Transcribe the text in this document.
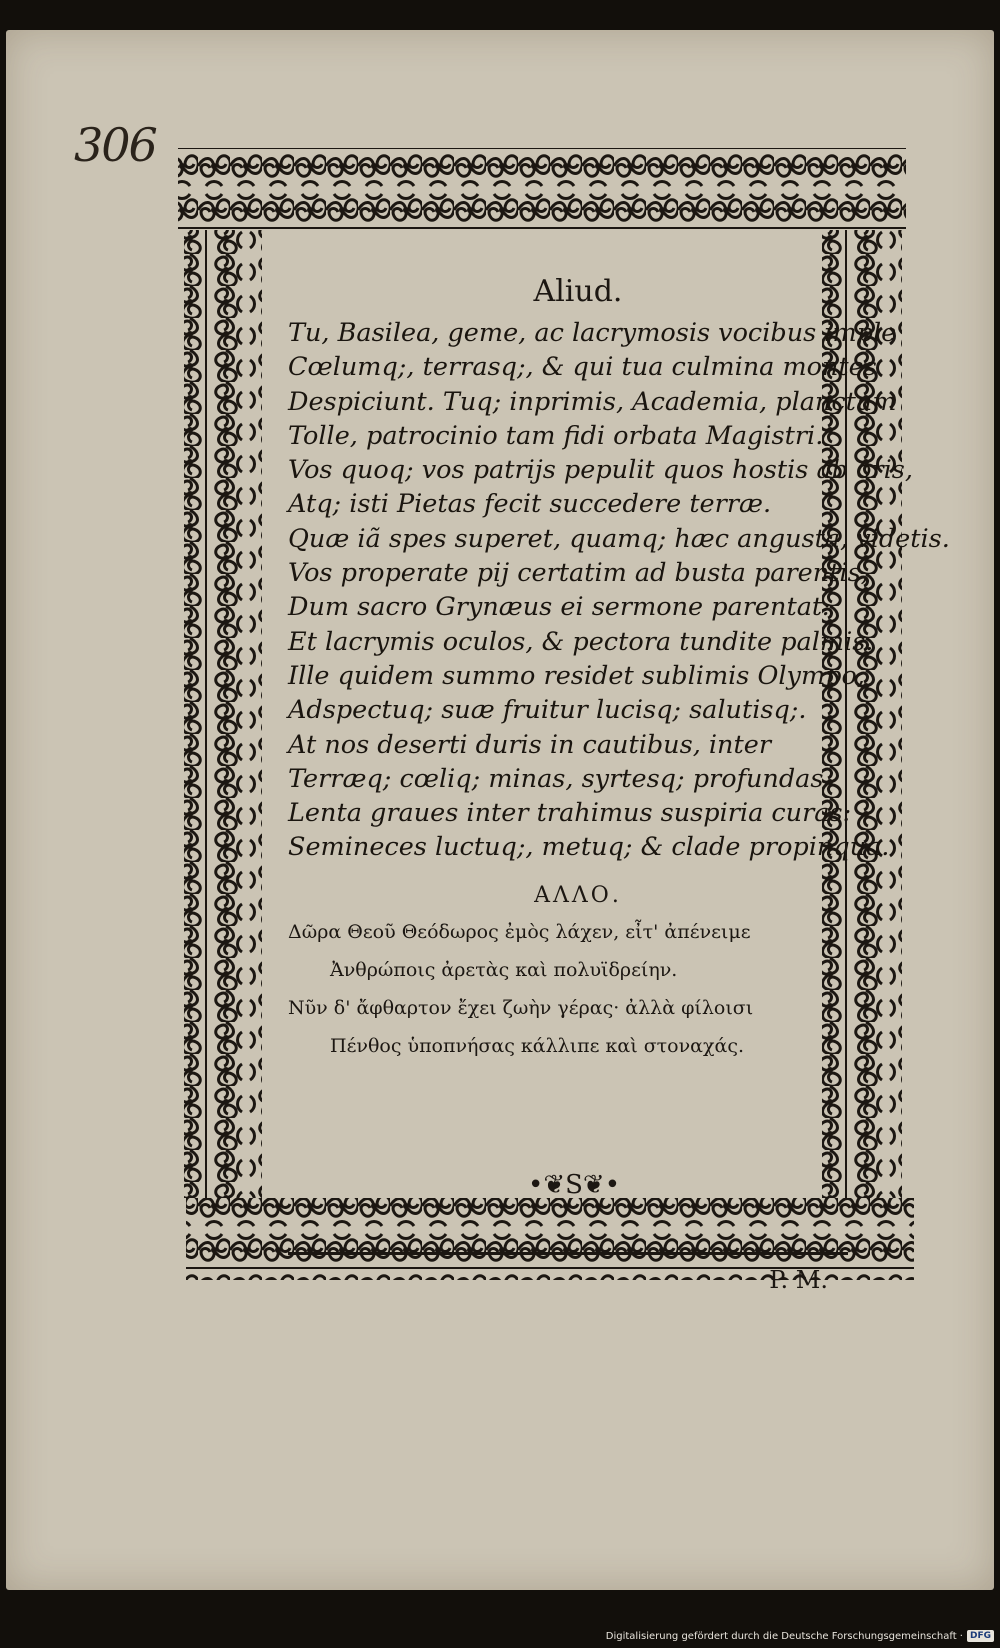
306
Aliud.
Tu, Basilea, geme, ac lacrymosis vocibus imple
Cœlumq;, terrasq;, & qui tua culmina montes
Despiciunt. Tuq; inprimis, Academia, planctum
Tolle, patrocinio tam fidi orbata Magistri.
Vos quoq; vos patrijs pepulit quos hostis ab oris,
Atq; isti Pietas fecit succedere terræ.
Quæ iã spes superet, quamq; hæc angusta, videtis.
Vos properate pij certatim ad busta parentis,
Dum sacro Grynæus ei sermone parentat:
Et lacrymis oculos, & pectora tundite palmis.
Ille quidem summo residet sublimis Olympo,
Adspectuq; suæ fruitur lucisq; salutisq;.
At nos deserti duris in cautibus, inter
Terræq; cœliq; minas, syrtesq; profundas
Lenta graues inter trahimus suspiria curas:
Semineces luctuq;, metuq; & clade propinqua.
ΑΛΛΟ.
Δῶρα Θεοῦ Θεόδωρος ἐμὸς λάχεν, εἶτ' ἀπένειμε
Ἀνθρώποις ἀρετὰς καὶ πολυϊδρείην.
Νῦν δ' ἄφθαρτον ἔχει ζωὴν γέρας· ἀλλὰ φίλοισι
Πένθος ὑποπνήσας κάλλιπε καὶ στοναχάς.
•❦S❦•
P. M.
Digitalisierung gefördert durch die Deutsche Forschungsgemeinschaft · DFG
